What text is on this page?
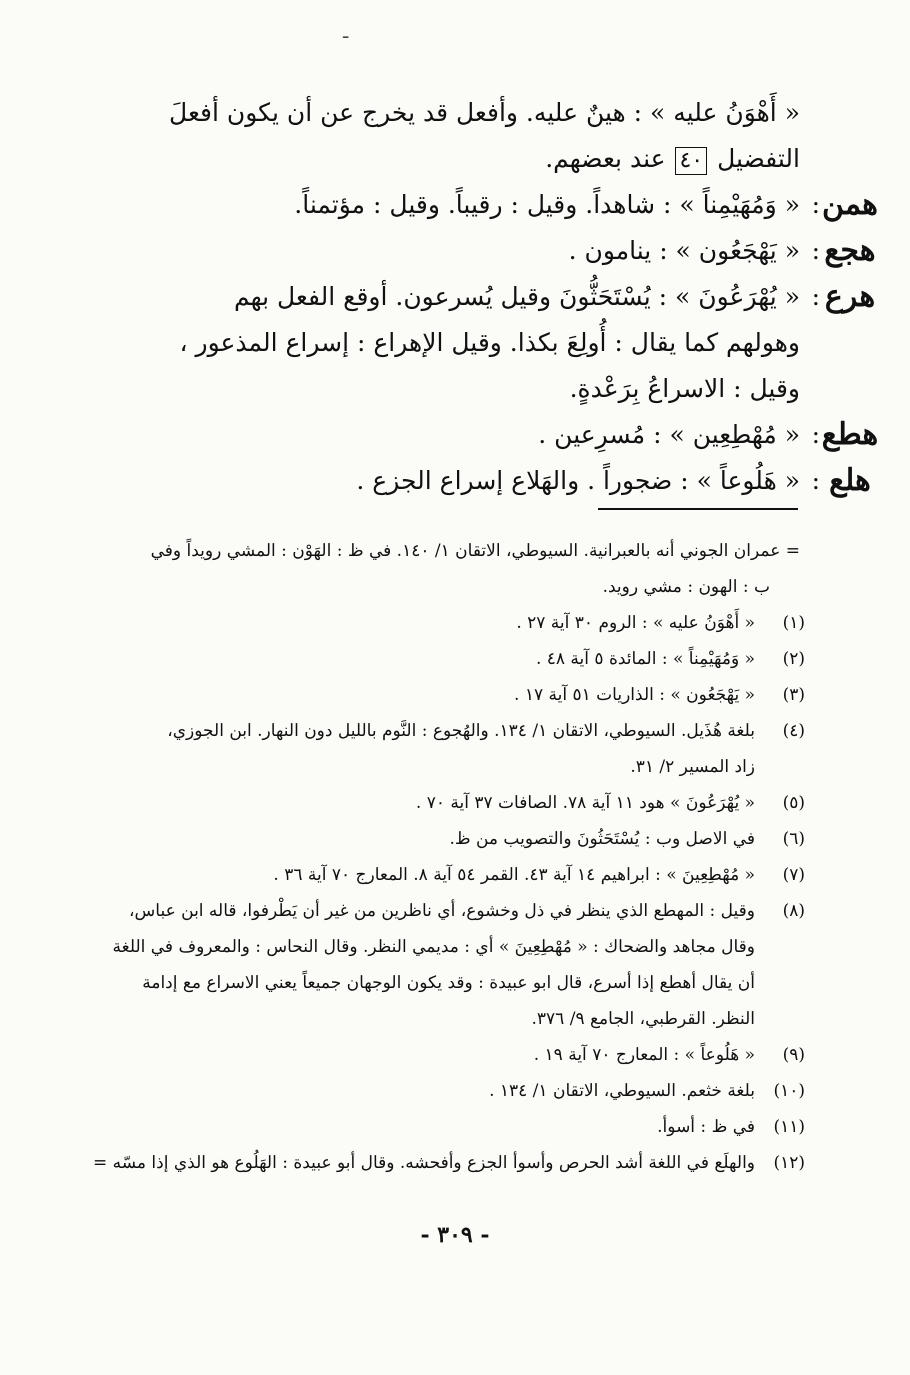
ـ
« أَهْوَنُ عليه » : هينٌ عليه. وأفعل قد يخرج عن أن يكون أفعلَ
التفضيل ٤٠ عند بعضهم.
همن
:
« وَمُهَيْمِناً » : شاهداً. وقيل : رقيباً. وقيل : مؤتمناً.
هجع
:
« يَهْجَعُون » : ينامون .
هرع
:
« يُهْرَعُونَ » : يُسْتَحَثُّونَ وقيل يُسرعون. أوقع الفعل بهم
وهولهم كما يقال : أُولِعَ بكذا. وقيل الإهراع : إسراع المذعور ،
وقيل : الاسراعُ بِرَعْدةٍ.
هطع
:
« مُهْطِعِين » : مُسرِعين .
هلع
:
« هَلُوعاً » : ضجوراً . والهَلاع إسراع الجزع .
= عمران الجوني أنه بالعبرانية. السيوطي، الاتقان ١/ ١٤٠. في ظ : الهَوْن : المشي رويداً وفي
ب : الهون : مشي رويد.
(١)
« أَهْوَنُ عليه » : الروم ٣٠ آية ٢٧ .
(٢)
« وَمُهَيْمِناً » : المائدة ٥ آية ٤٨ .
(٣)
« يَهْجَعُون » : الذاريات ٥١ آية ١٧ .
(٤)
بلغة هُذَيل. السيوطي، الاتقان ١/ ١٣٤. والهُجوع : النَّوم بالليل دون النهار. ابن الجوزي،
زاد المسير ٢/ ٣١.
(٥)
« يُهْرَعُونَ » هود ١١ آية ٧٨. الصافات ٣٧ آية ٧٠ .
(٦)
في الاصل وب : يُسْتَحَثُونَ والتصويب من ظ.
(٧)
« مُهْطِعِينَ » : ابراهيم ١٤ آية ٤٣. القمر ٥٤ آية ٨. المعارج ٧٠ آية ٣٦ .
(٨)
وقيل : المهطع الذي ينظر في ذل وخشوع، أي ناظرين من غير أن يَطْرفوا، قاله ابن عباس،
وقال مجاهد والضحاك : « مُهْطِعِينَ » أي : مديمي النظر. وقال النحاس : والمعروف في اللغة
أن يقال أهطع إذا أسرع، قال ابو عبيدة : وقد يكون الوجهان جميعاً يعني الاسراع مع إدامة
النظر. القرطبي، الجامع ٩/ ٣٧٦.
(٩)
« هَلُوعاً » : المعارج ٧٠ آية ١٩ .
(١٠)
بلغة خثعم. السيوطي، الاتقان ١/ ١٣٤ .
(١١)
في ظ : أسوأ.
(١٢)
والهلَع في اللغة أشد الحرص وأسوأ الجزع وأفحشه. وقال أبو عبيدة : الهَلُوع هو الذي إذا مسّه =
- ٣٠٩ -
